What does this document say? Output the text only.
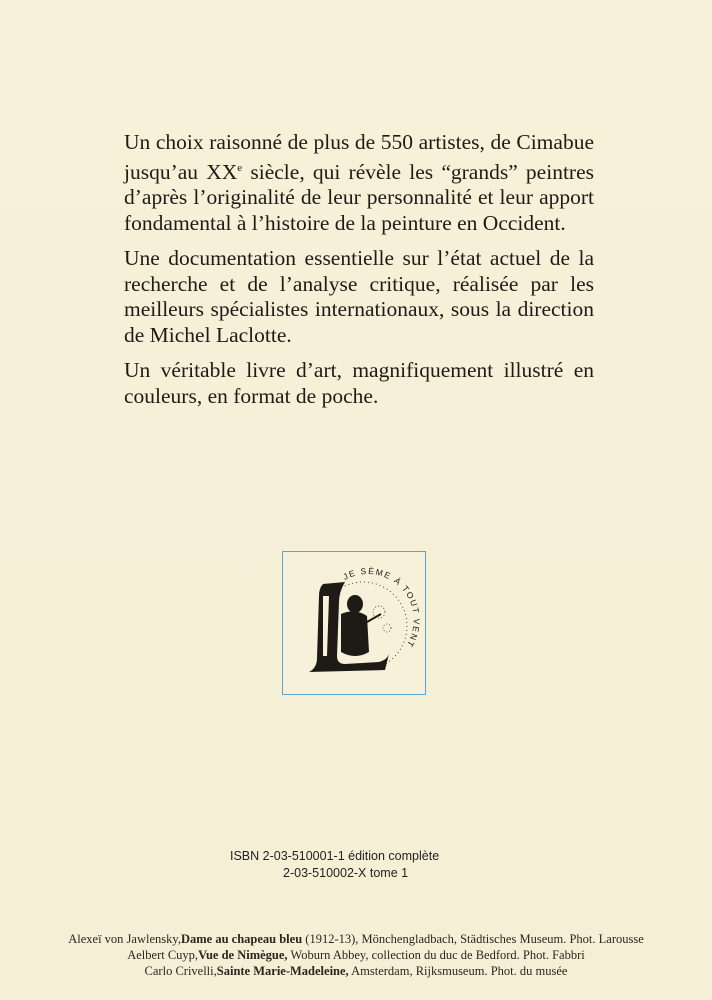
Un choix raisonné de plus de 550 artistes, de Cimabue jusqu’au XXe siècle, qui révèle les “grands” peintres d’après l’originalité de leur personnalité et leur apport fondamental à l’histoire de la peinture en Occident.

Une documentation essentielle sur l’état actuel de la recherche et de l’analyse critique, réalisée par les meilleurs spécialistes internationaux, sous la direction de Michel Laclotte.

Un véritable livre d’art, magnifiquement illustré en couleurs, en format de poche.

JE SÈME À TOUT VENT
ISBN 2-03-510001-1 édition complète
2-03-510002-X tome 1
Alexeï von Jawlensky,Dame au chapeau bleu (1912-13), Mönchengladbach, Städtisches Museum. Phot. Larousse
Aelbert Cuyp,Vue de Nimègue, Woburn Abbey, collection du duc de Bedford. Phot. Fabbri
Carlo Crivelli,Sainte Marie-Madeleine, Amsterdam, Rijksmuseum. Phot. du musée
